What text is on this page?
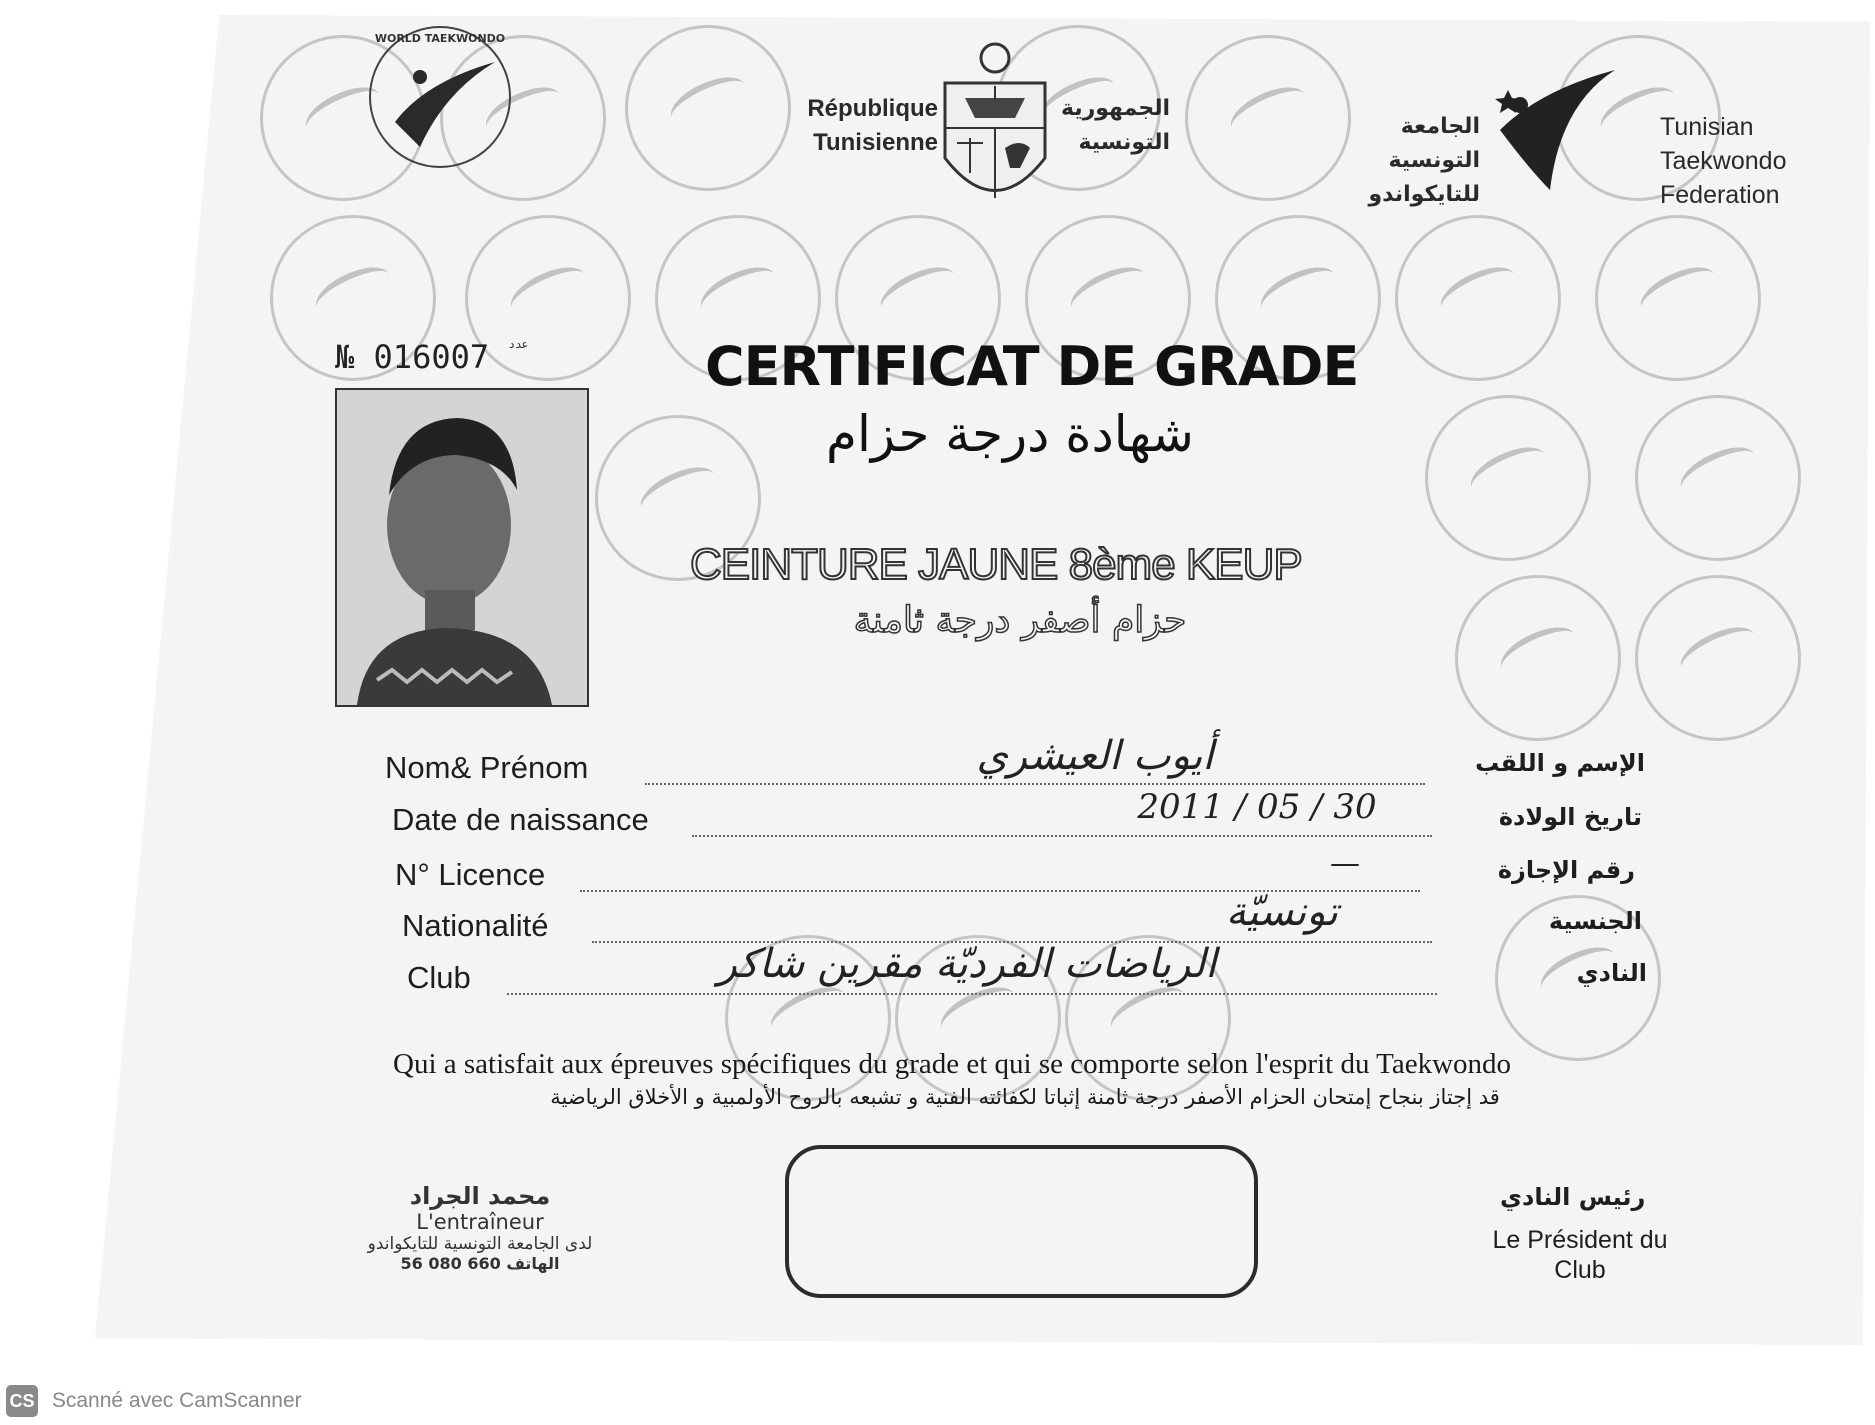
WORLD TAEKWONDO
République
Tunisienne
الجمهورية
التونسية
الجامعة
التونسية
للتايكواندو
Tunisian
Taekwondo
Federation
№ 016007 $^{عدد}$	CERTIFICAT DE GRADE
شهادة درجة حزام
CEINTURE JAUNE 8ème KEUP
حزام أصفر درجة ثامنة
Nom& Prénom	أيوب العيشري	الإسم و اللقب
Date de naissance	2011 / 05 / 30	تاريخ الولادة
N° Licence	—	رقم الإجازة
Nationalité	تونسيّة	الجنسية
Club	الرياضات الفرديّة مقرين شاكر	النادي
Qui a satisfait aux épreuves spécifiques du grade et qui se comporte selon l'esprit du Taekwondo
قد إجتاز بنجاح إمتحان الحزام الأصفر درجة ثامنة إثباتا لكفائته الفنية و تشبعه بالروح الأولمبية و الأخلاق الرياضية
محمد الجراد
L'entraîneur
لدى الجامعة التونسية للتايكواندو
56 080 660 الهاتف
رئيس النادي
Le Président du
Club
CS Scanné avec CamScanner
